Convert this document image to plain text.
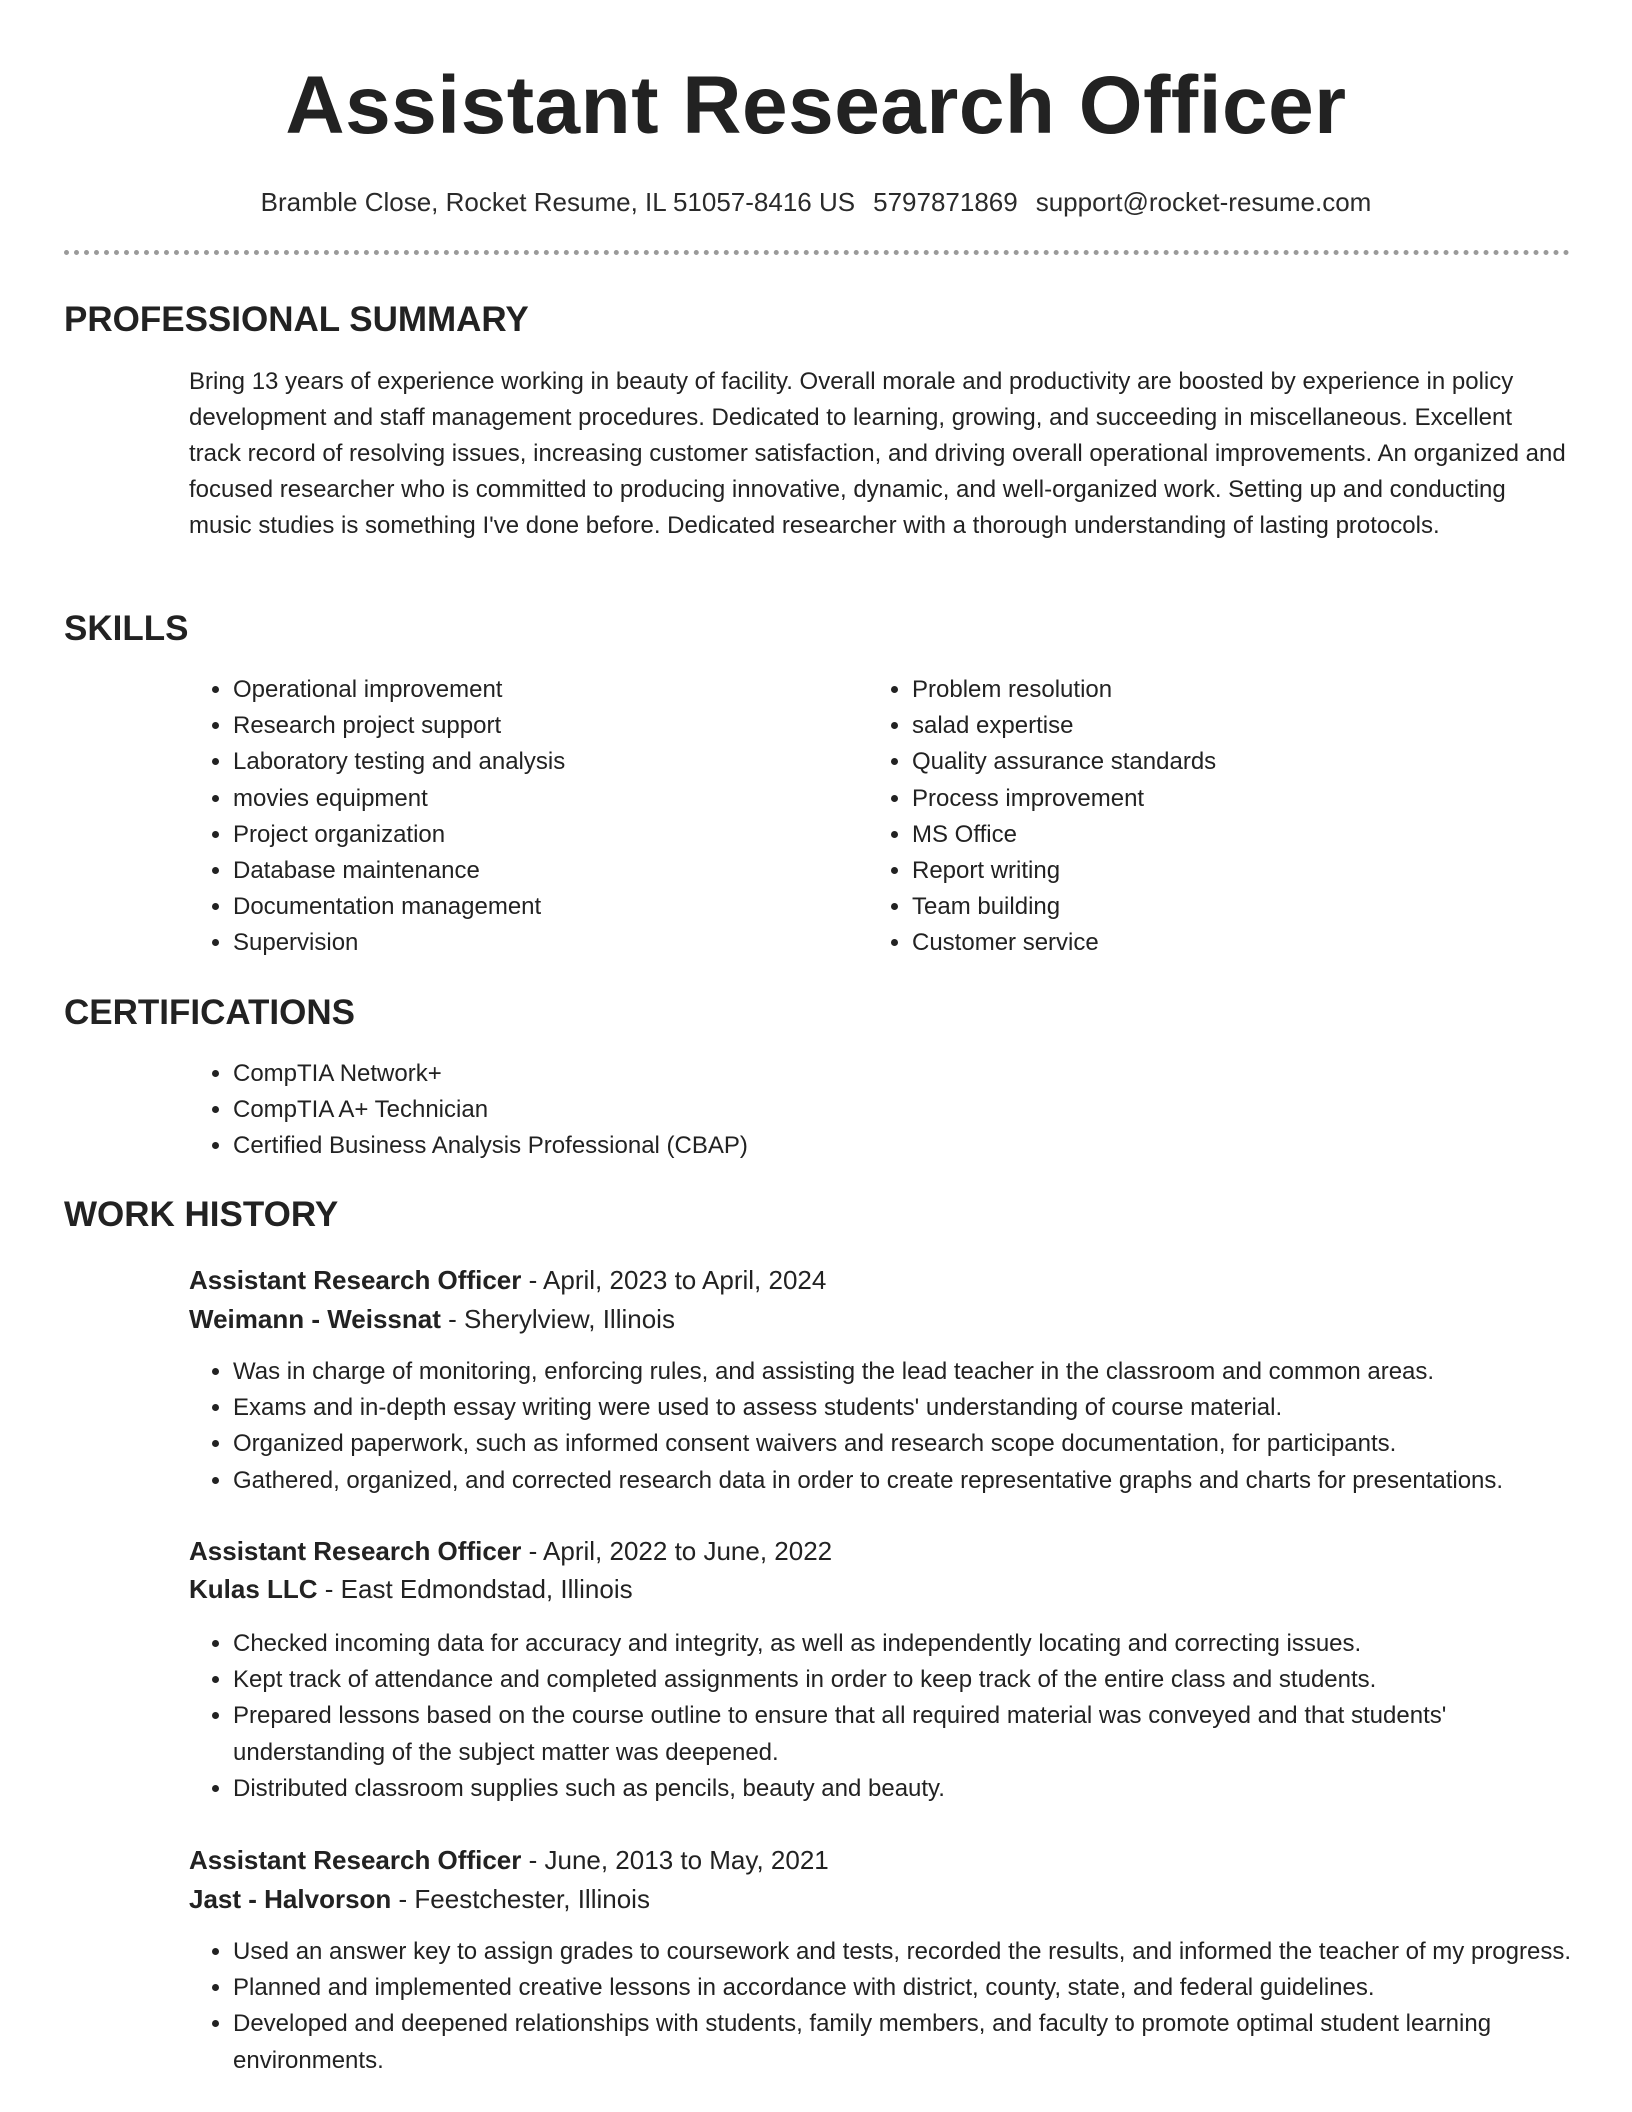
Assistant Research Officer
Bramble Close, Rocket Resume, IL 51057-8416 US 5797871869 support@rocket-resume.com
PROFESSIONAL SUMMARY
Bring 13 years of experience working in beauty of facility. Overall morale and productivity are boosted by experience in policy development and staff management procedures. Dedicated to learning, growing, and succeeding in miscellaneous. Excellent track record of resolving issues, increasing customer satisfaction, and driving overall operational improvements. An organized and focused researcher who is committed to producing innovative, dynamic, and well-organized work. Setting up and conducting music studies is something I've done before. Dedicated researcher with a thorough understanding of lasting protocols.
SKILLS
• Operational improvement
• Research project support
• Laboratory testing and analysis
• movies equipment
• Project organization
• Database maintenance
• Documentation management
• Supervision
• Problem resolution
• salad expertise
• Quality assurance standards
• Process improvement
• MS Office
• Report writing
• Team building
• Customer service
CERTIFICATIONS
• CompTIA Network+
• CompTIA A+ Technician
• Certified Business Analysis Professional (CBAP)
WORK HISTORY
Assistant Research Officer - April, 2023 to April, 2024
Weimann - Weissnat - Sherylview, Illinois
• Was in charge of monitoring, enforcing rules, and assisting the lead teacher in the classroom and common areas.
• Exams and in-depth essay writing were used to assess students' understanding of course material.
• Organized paperwork, such as informed consent waivers and research scope documentation, for participants.
• Gathered, organized, and corrected research data in order to create representative graphs and charts for presentations.
Assistant Research Officer - April, 2022 to June, 2022
Kulas LLC - East Edmondstad, Illinois
• Checked incoming data for accuracy and integrity, as well as independently locating and correcting issues.
• Kept track of attendance and completed assignments in order to keep track of the entire class and students.
• Prepared lessons based on the course outline to ensure that all required material was conveyed and that students' understanding of the subject matter was deepened.
• Distributed classroom supplies such as pencils, beauty and beauty.
Assistant Research Officer - June, 2013 to May, 2021
Jast - Halvorson - Feestchester, Illinois
• Used an answer key to assign grades to coursework and tests, recorded the results, and informed the teacher of my progress.
• Planned and implemented creative lessons in accordance with district, county, state, and federal guidelines.
• Developed and deepened relationships with students, family members, and faculty to promote optimal student learning environments.
